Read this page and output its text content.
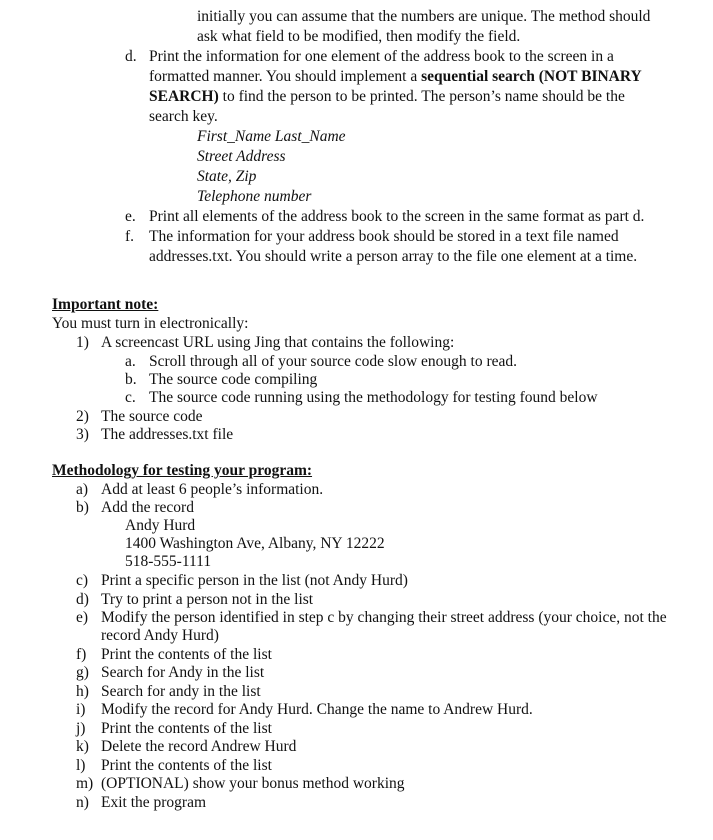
initially you can assume that the numbers are unique. The method should
ask what field to be modified, then modify the field.
d. Print the information for one element of the address book to the screen in a
formatted manner. You should implement a sequential search (NOT BINARY
SEARCH) to find the person to be printed. The person’s name should be the
search key.
First_Name Last_Name
Street Address
State, Zip
Telephone number
e. Print all elements of the address book to the screen in the same format as part d.
f. The information for your address book should be stored in a text file named
addresses.txt. You should write a person array to the file one element at a time.
Important note:
You must turn in electronically:
1) A screencast URL using Jing that contains the following:
a. Scroll through all of your source code slow enough to read.
b. The source code compiling
c. The source code running using the methodology for testing found below
2) The source code
3) The addresses.txt file
Methodology for testing your program:
a) Add at least 6 people’s information.
b) Add the record
Andy Hurd
1400 Washington Ave, Albany, NY 12222
518-555-1111
c) Print a specific person in the list (not Andy Hurd)
d) Try to print a person not in the list
e) Modify the person identified in step c by changing their street address (your choice, not the
record Andy Hurd)
f) Print the contents of the list
g) Search for Andy in the list
h) Search for andy in the list
i) Modify the record for Andy Hurd. Change the name to Andrew Hurd.
j) Print the contents of the list
k) Delete the record Andrew Hurd
l) Print the contents of the list
m) (OPTIONAL) show your bonus method working
n) Exit the program
